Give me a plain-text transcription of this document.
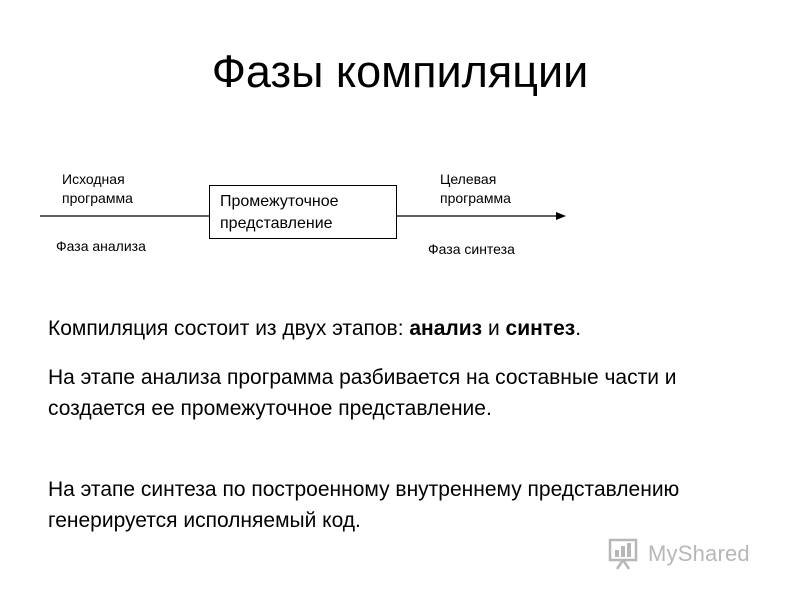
Фазы компиляции
Исходная программа
Фаза анализа
Промежуточное представление
Целевая программа
Фаза синтеза
Компиляция состоит из двух этапов: анализ и синтез.
На этапе анализа программа разбивается на составные части и создается ее промежуточное представление.
На этапе синтеза по построенному внутреннему представлению генерируется исполняемый код.
MyShared
